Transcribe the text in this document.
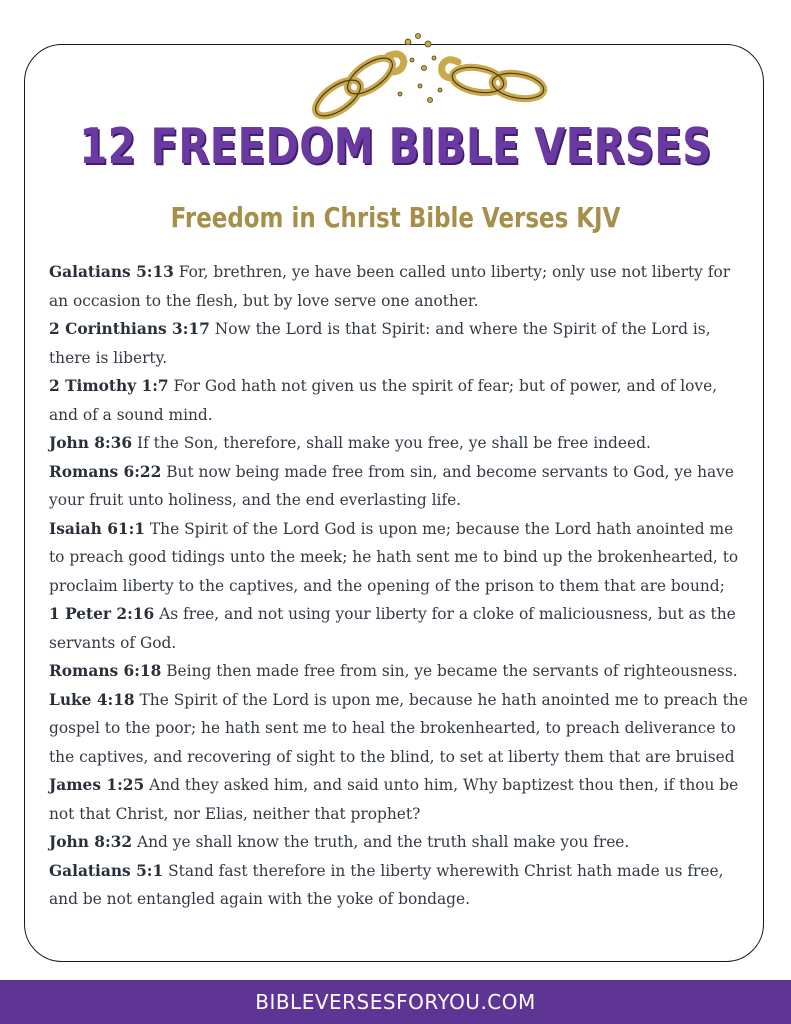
12 FREEDOM BIBLE VERSES
Freedom in Christ Bible Verses KJV

Galatians 5:13 For, brethren, ye have been called unto liberty; only use not liberty for an occasion to the flesh, but by love serve one another.

2 Corinthians 3:17 Now the Lord is that Spirit: and where the Spirit of the Lord is, there is liberty.

2 Timothy 1:7 For God hath not given us the spirit of fear; but of power, and of love, and of a sound mind.

John 8:36 If the Son, therefore, shall make you free, ye shall be free indeed.

Romans 6:22 But now being made free from sin, and become servants to God, ye have your fruit unto holiness, and the end everlasting life.

Isaiah 61:1 The Spirit of the Lord God is upon me; because the Lord hath anointed me to preach good tidings unto the meek; he hath sent me to bind up the brokenhearted, to proclaim liberty to the captives, and the opening of the prison to them that are bound;

1 Peter 2:16 As free, and not using your liberty for a cloke of maliciousness, but as the servants of God.

Romans 6:18 Being then made free from sin, ye became the servants of righteousness.

Luke 4:18 The Spirit of the Lord is upon me, because he hath anointed me to preach the gospel to the poor; he hath sent me to heal the brokenhearted, to preach deliverance to the captives, and recovering of sight to the blind, to set at liberty them that are bruised

James 1:25 And they asked him, and said unto him, Why baptizest thou then, if thou be not that Christ, nor Elias, neither that prophet?

John 8:32 And ye shall know the truth, and the truth shall make you free.

Galatians 5:1 Stand fast therefore in the liberty wherewith Christ hath made us free, and be not entangled again with the yoke of bondage.

BIBLEVERSESFORYOU.COM
